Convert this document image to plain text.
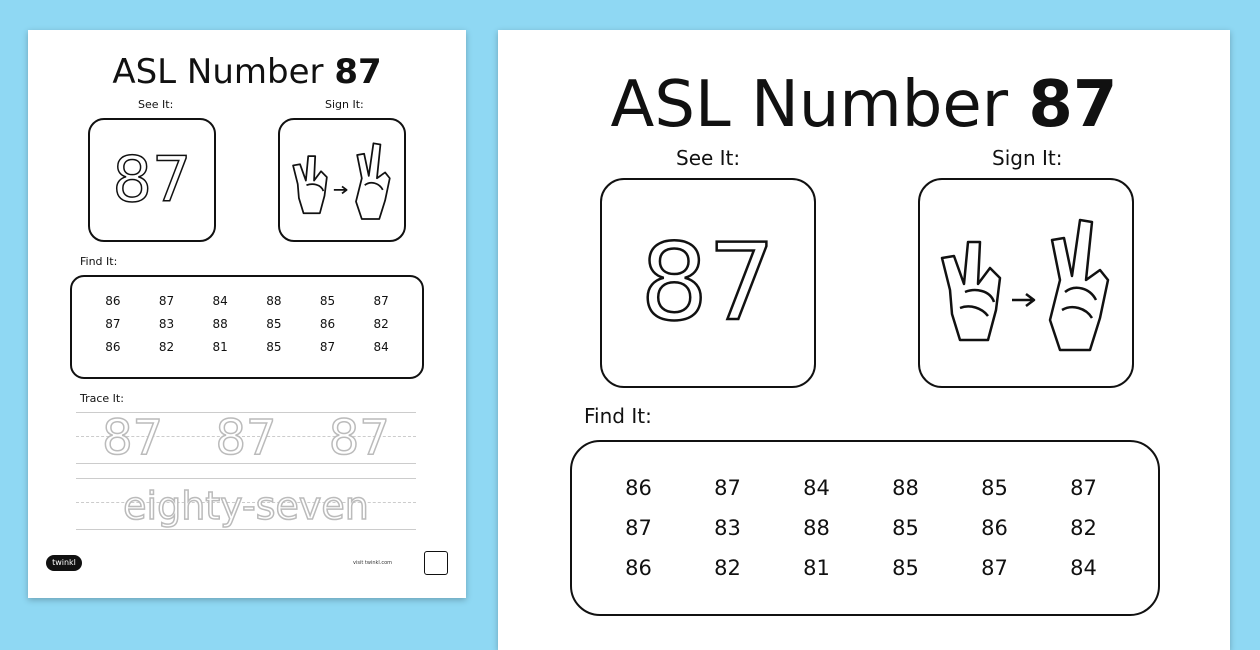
ASL Number 87
See It:	Sign It:
87
Find It:
86	87	84	88	85	87
87	83	88	85	86	82
86	82	81	85	87	84
Trace It:
87 87 87
eighty-seven
twinkl	visit twinkl.com
ASL Number 87
See It:	Sign It:
87
Find It:
86	87	84	88	85	87
87	83	88	85	86	82
86	82	81	85	87	84
